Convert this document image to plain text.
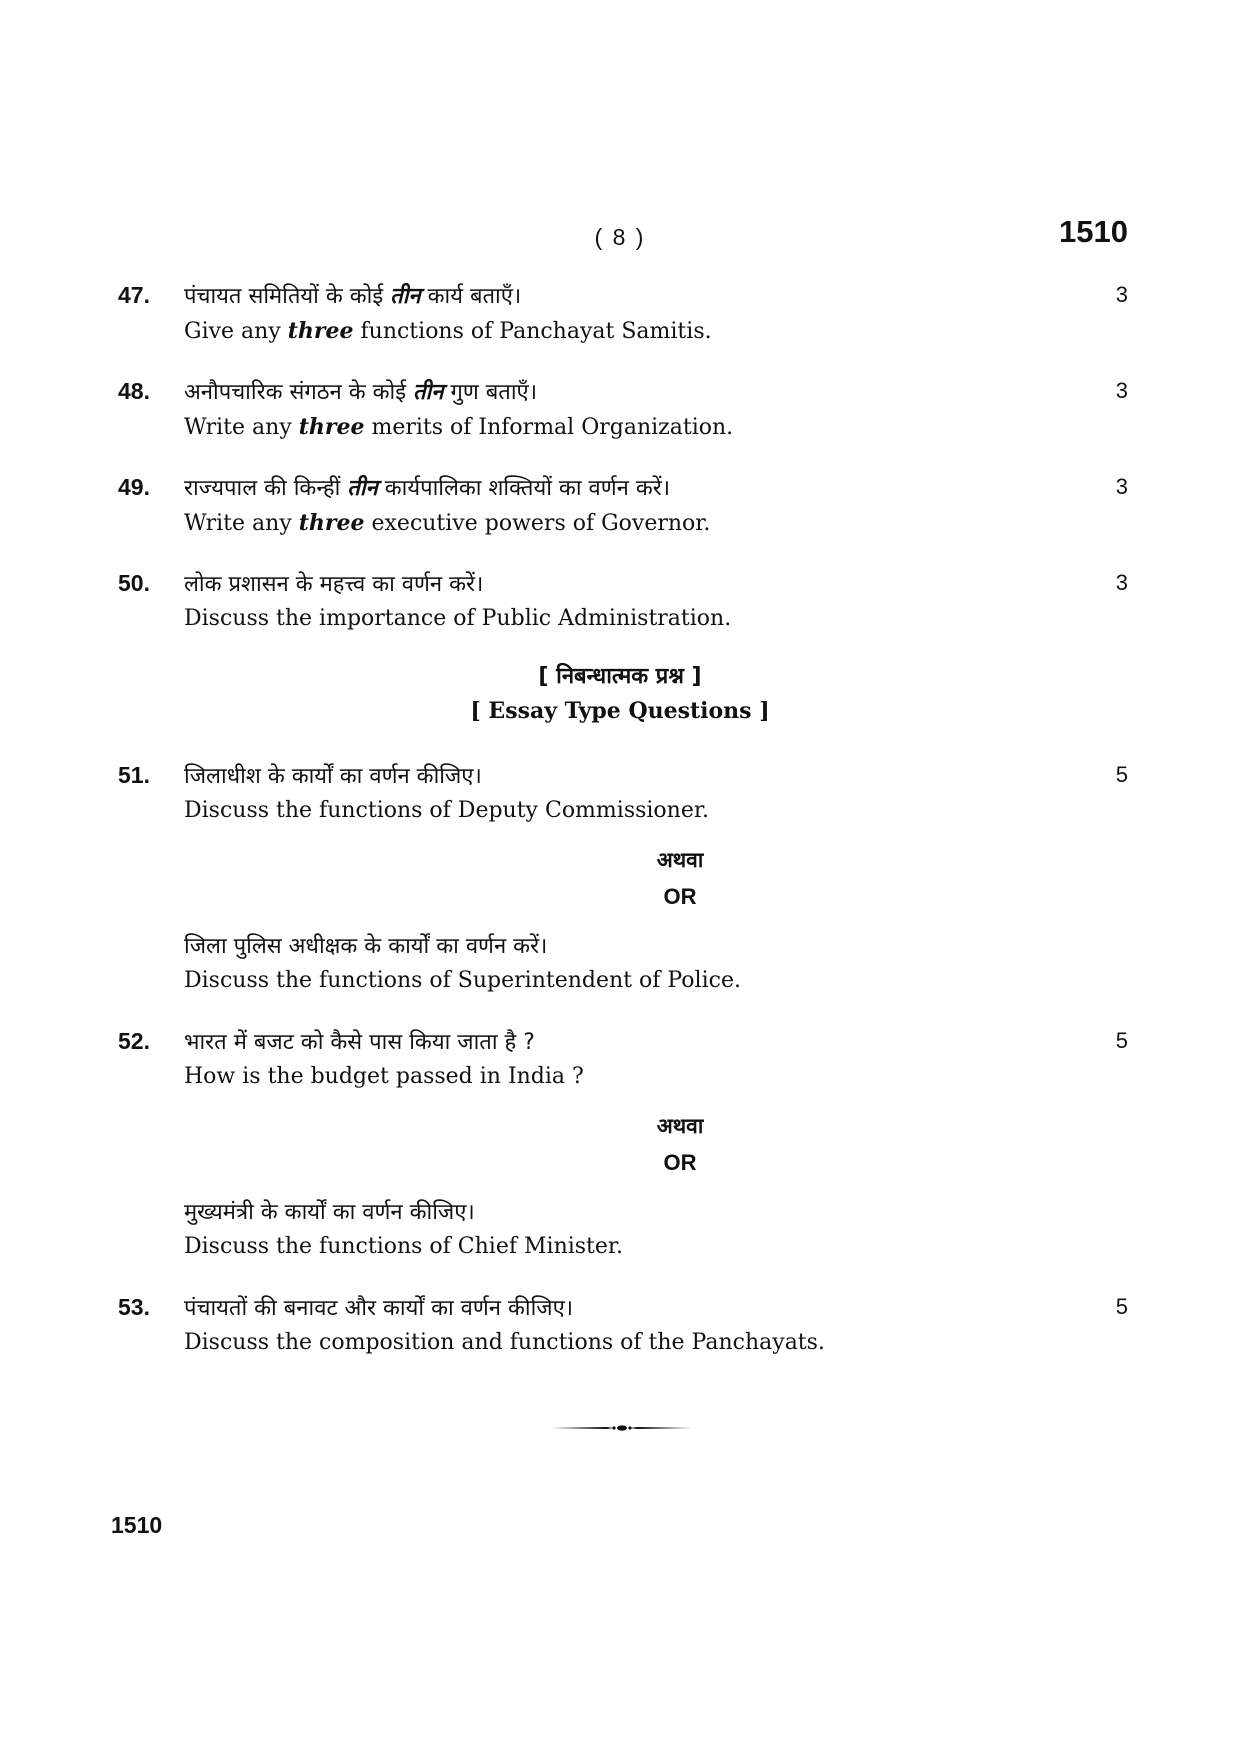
( 8 )	1510
47. पंचायत समितियों के कोई तीन कार्य बताएँ।
Give any three functions of Panchayat Samitis.
3
48. अनौपचारिक संगठन के कोई तीन गुण बताएँ।
Write any three merits of Informal Organization.
3
49. राज्यपाल की किन्हीं तीन कार्यपालिका शक्तियों का वर्णन करें।
Write any three executive powers of Governor.
3
50. लोक प्रशासन के महत्त्व का वर्णन करें।
Discuss the importance of Public Administration.
3
[ निबन्धात्मक प्रश्न ]
[ Essay Type Questions ]
51. जिलाधीश के कार्यों का वर्णन कीजिए।
Discuss the functions of Deputy Commissioner.
5
अथवा
OR
जिला पुलिस अधीक्षक के कार्यों का वर्णन करें।
Discuss the functions of Superintendent of Police.
52. भारत में बजट को कैसे पास किया जाता है ?
How is the budget passed in India ?
5
अथवा
OR
मुख्यमंत्री के कार्यों का वर्णन कीजिए।
Discuss the functions of Chief Minister.
53. पंचायतों की बनावट और कार्यों का वर्णन कीजिए।
Discuss the composition and functions of the Panchayats.
5
1510
